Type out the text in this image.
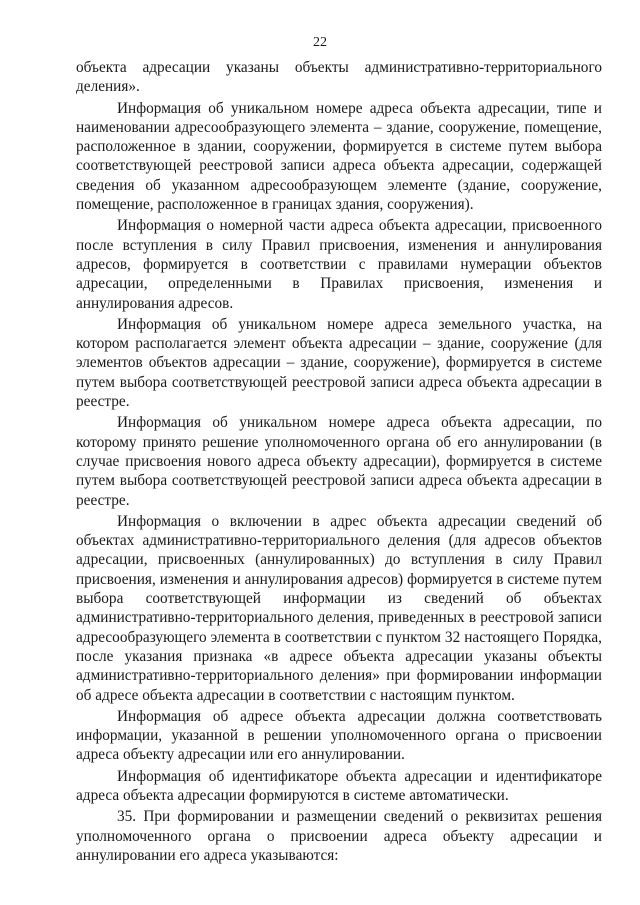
22

объекта адресации указаны объекты административно-территориального деления».

Информация об уникальном номере адреса объекта адресации, типе и наименовании адресообразующего элемента – здание, сооружение, помещение, расположенное в здании, сооружении, формируется в системе путем выбора соответствующей реестровой записи адреса объекта адресации, содержащей сведения об указанном адресообразующем элементе (здание, сооружение, помещение, расположенное в границах здания, сооружения).

Информация о номерной части адреса объекта адресации, присвоенного после вступления в силу Правил присвоения, изменения и аннулирования адресов, формируется в соответствии с правилами нумерации объектов адресации, определенными в Правилах присвоения, изменения и аннулирования адресов.

Информация об уникальном номере адреса земельного участка, на котором располагается элемент объекта адресации – здание, сооружение (для элементов объектов адресации – здание, сооружение), формируется в системе путем выбора соответствующей реестровой записи адреса объекта адресации в реестре.

Информация об уникальном номере адреса объекта адресации, по которому принято решение уполномоченного органа об его аннулировании (в случае присвоения нового адреса объекту адресации), формируется в системе путем выбора соответствующей реестровой записи адреса объекта адресации в реестре.

Информация о включении в адрес объекта адресации сведений об объектах административно-территориального деления (для адресов объектов адресации, присвоенных (аннулированных) до вступления в силу Правил присвоения, изменения и аннулирования адресов) формируется в системе путем выбора соответствующей информации из сведений об объектах административно-территориального деления, приведенных в реестровой записи адресообразующего элемента в соответствии с пунктом 32 настоящего Порядка, после указания признака «в адресе объекта адресации указаны объекты административно-территориального деления» при формировании информации об адресе объекта адресации в соответствии с настоящим пунктом.

Информация об адресе объекта адресации должна соответствовать информации, указанной в решении уполномоченного органа о присвоении адреса объекту адресации или его аннулировании.

Информация об идентификаторе объекта адресации и идентификаторе адреса объекта адресации формируются в системе автоматически.

35. При формировании и размещении сведений о реквизитах решения уполномоченного органа о присвоении адреса объекту адресации и аннулировании его адреса указываются:
